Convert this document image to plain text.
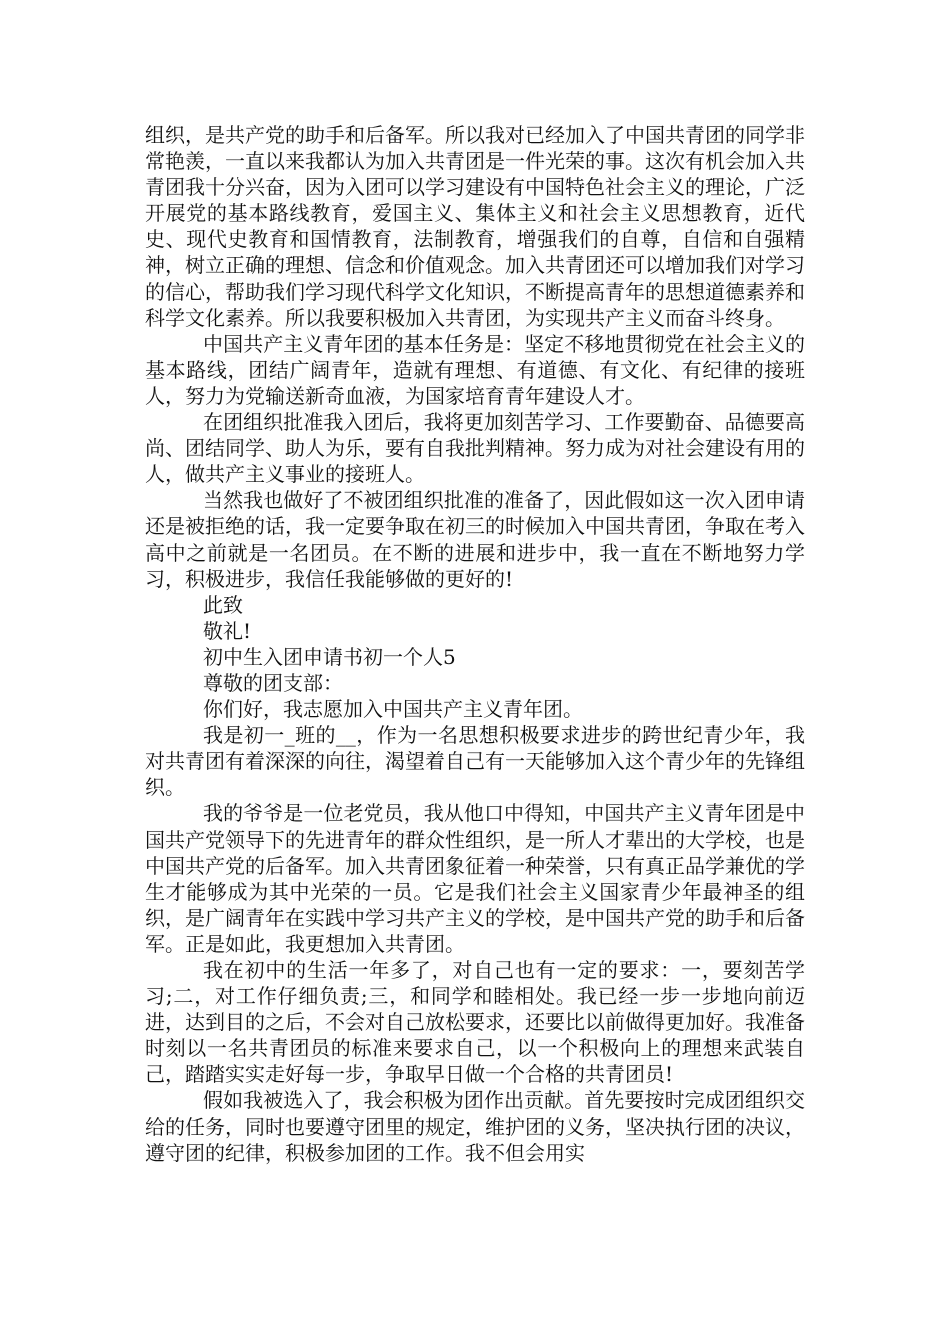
组织，是共产党的助手和后备军。所以我对已经加入了中国共青团的同学非常艳羡，一直以来我都认为加入共青团是一件光荣的事。这次有机会加入共青团我十分兴奋，因为入团可以学习建设有中国特色社会主义的理论，广泛开展党的基本路线教育，爱国主义、集体主义和社会主义思想教育，近代史、现代史教育和国情教育，法制教育，增强我们的自尊，自信和自强精神，树立正确的理想、信念和价值观念。加入共青团还可以增加我们对学习的信心，帮助我们学习现代科学文化知识，不断提高青年的思想道德素养和科学文化素养。所以我要积极加入共青团，为实现共产主义而奋斗终身。

中国共产主义青年团的基本任务是：坚定不移地贯彻党在社会主义的基本路线，团结广阔青年，造就有理想、有道德、有文化、有纪律的接班人，努力为党输送新奇血液，为国家培育青年建设人才。

在团组织批准我入团后，我将更加刻苦学习、工作要勤奋、品德要高尚、团结同学、助人为乐，要有自我批判精神。努力成为对社会建设有用的人，做共产主义事业的接班人。

当然我也做好了不被团组织批准的准备了，因此假如这一次入团申请还是被拒绝的话，我一定要争取在初三的时候加入中国共青团，争取在考入高中之前就是一名团员。在不断的进展和进步中，我一直在不断地努力学习，积极进步，我信任我能够做的更好的!

此致

敬礼!

初中生入团申请书初一个人5

尊敬的团支部：

你们好，我志愿加入中国共产主义青年团。

我是初一_班的__，作为一名思想积极要求进步的跨世纪青少年，我对共青团有着深深的向往，渴望着自己有一天能够加入这个青少年的先锋组织。

我的爷爷是一位老党员，我从他口中得知，中国共产主义青年团是中国共产党领导下的先进青年的群众性组织，是一所人才辈出的大学校，也是中国共产党的后备军。加入共青团象征着一种荣誉，只有真正品学兼优的学生才能够成为其中光荣的一员。它是我们社会主义国家青少年最神圣的组织，是广阔青年在实践中学习共产主义的学校，是中国共产党的助手和后备军。正是如此，我更想加入共青团。

我在初中的生活一年多了，对自己也有一定的要求：一，要刻苦学习;二，对工作仔细负责;三，和同学和睦相处。我已经一步一步地向前迈进，达到目的之后，不会对自己放松要求，还要比以前做得更加好。我准备时刻以一名共青团员的标准来要求自己，以一个积极向上的理想来武装自己，踏踏实实走好每一步，争取早日做一个合格的共青团员!

假如我被选入了，我会积极为团作出贡献。首先要按时完成团组织交给的任务，同时也要遵守团里的规定，维护团的义务，坚决执行团的决议，遵守团的纪律，积极参加团的工作。我不但会用实
